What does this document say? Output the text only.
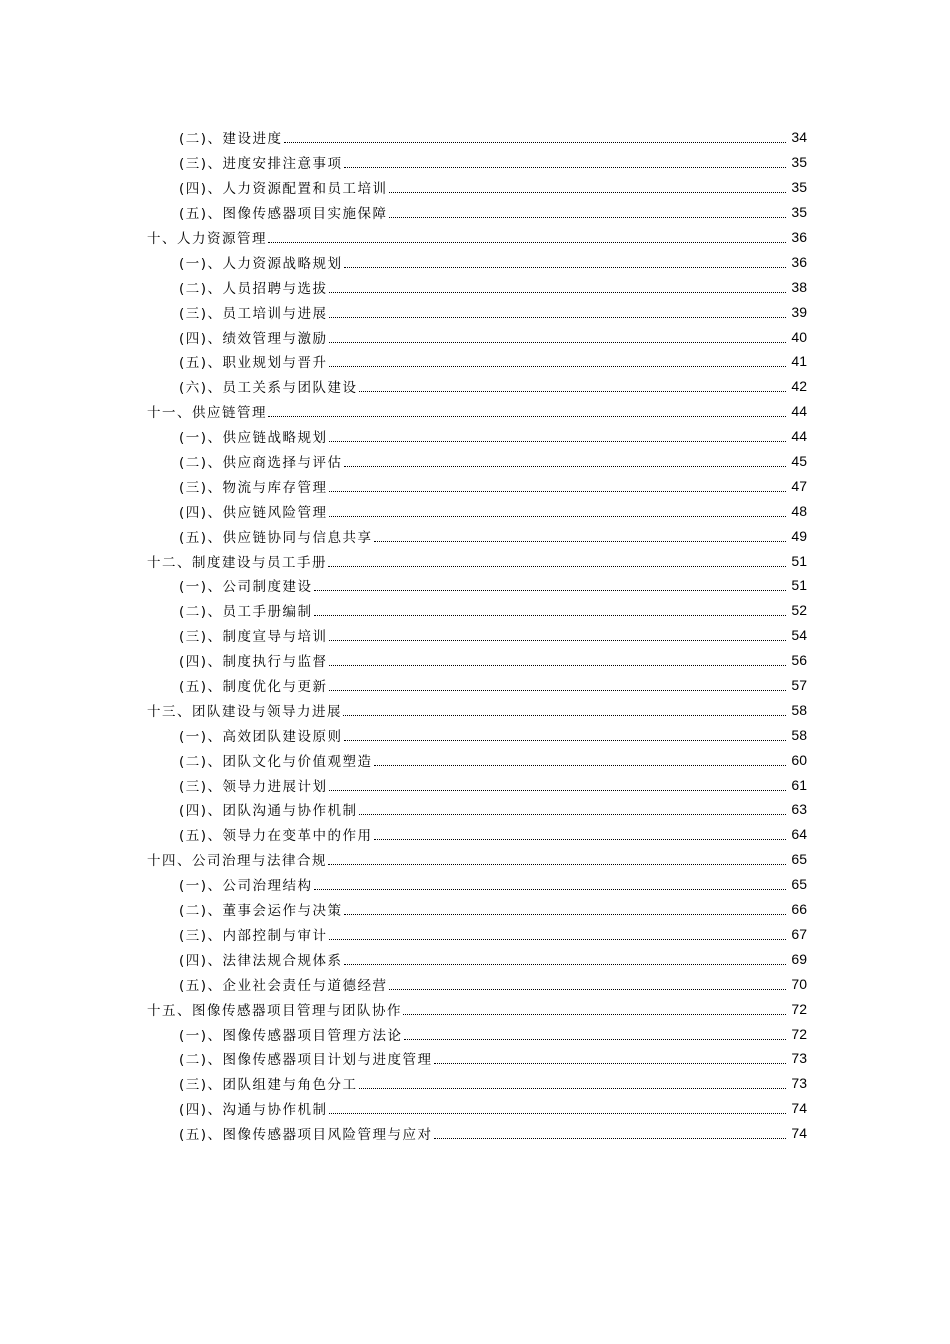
(二)、建设进度	34
(三)、进度安排注意事项	35
(四)、人力资源配置和员工培训	35
(五)、图像传感器项目实施保障	35
十、人力资源管理	36
(一)、人力资源战略规划	36
(二)、人员招聘与选拔	38
(三)、员工培训与进展	39
(四)、绩效管理与激励	40
(五)、职业规划与晋升	41
(六)、员工关系与团队建设	42
十一、供应链管理	44
(一)、供应链战略规划	44
(二)、供应商选择与评估	45
(三)、物流与库存管理	47
(四)、供应链风险管理	48
(五)、供应链协同与信息共享	49
十二、制度建设与员工手册	51
(一)、公司制度建设	51
(二)、员工手册编制	52
(三)、制度宣导与培训	54
(四)、制度执行与监督	56
(五)、制度优化与更新	57
十三、团队建设与领导力进展	58
(一)、高效团队建设原则	58
(二)、团队文化与价值观塑造	60
(三)、领导力进展计划	61
(四)、团队沟通与协作机制	63
(五)、领导力在变革中的作用	64
十四、公司治理与法律合规	65
(一)、公司治理结构	65
(二)、董事会运作与决策	66
(三)、内部控制与审计	67
(四)、法律法规合规体系	69
(五)、企业社会责任与道德经营	70
十五、图像传感器项目管理与团队协作	72
(一)、图像传感器项目管理方法论	72
(二)、图像传感器项目计划与进度管理	73
(三)、团队组建与角色分工	73
(四)、沟通与协作机制	74
(五)、图像传感器项目风险管理与应对	74
